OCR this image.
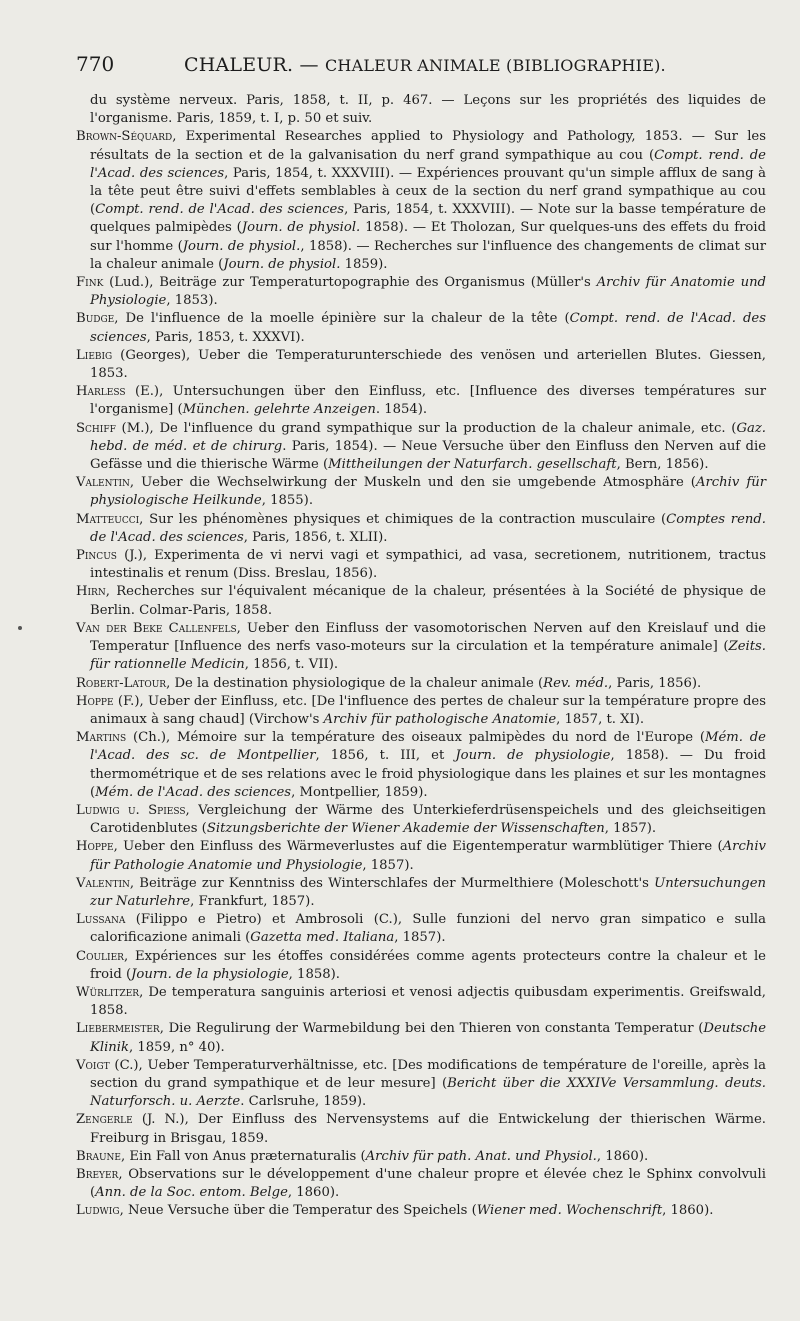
770	CHALEUR. — CHALEUR ANIMALE (BIBLIOGRAPHIE).

du système nerveux. Paris, 1858, t. II, p. 467. — Leçons sur les propriétés des liquides de l'organisme. Paris, 1859, t. I, p. 50 et suiv.

Brown-Séquard, Experimental Researches applied to Physiology and Pathology, 1853. — Sur les résultats de la section et de la galvanisation du nerf grand sympathique au cou (Compt. rend. de l'Acad. des sciences, Paris, 1854, t. XXXVIII). — Expériences prouvant qu'un simple afflux de sang à la tête peut être suivi d'effets semblables à ceux de la section du nerf grand sympathique au cou (Compt. rend. de l'Acad. des sciences, Paris, 1854, t. XXXVIII). — Note sur la basse température de quelques palmipèdes (Journ. de physiol. 1858). — Et Tholozan, Sur quelques-uns des effets du froid sur l'homme (Journ. de physiol., 1858). — Recherches sur l'influence des changements de climat sur la chaleur animale (Journ. de physiol. 1859).

Fink (Lud.), Beiträge zur Temperaturtopographie des Organismus (Müller's Archiv für Anatomie und Physiologie, 1853).

Budge, De l'influence de la moelle épinière sur la chaleur de la tête (Compt. rend. de l'Acad. des sciences, Paris, 1853, t. XXXVI).

Liebig (Georges), Ueber die Temperaturunterschiede des venösen und arteriellen Blutes. Giessen, 1853.

Harless (E.), Untersuchungen über den Einfluss, etc. [Influence des diverses températures sur l'organisme] (München. gelehrte Anzeigen. 1854).

Schiff (M.), De l'influence du grand sympathique sur la production de la chaleur animale, etc. (Gaz. hebd. de méd. et de chirurg. Paris, 1854). — Neue Versuche über den Einfluss den Nerven auf die Gefässe und die thierische Wärme (Mittheilungen der Naturfarch. gesellschaft, Bern, 1856).

Valentin, Ueber die Wechselwirkung der Muskeln und den sie umgebende Atmosphäre (Archiv für physiologische Heilkunde, 1855).

Matteucci, Sur les phénomènes physiques et chimiques de la contraction musculaire (Comptes rend. de l'Acad. des sciences, Paris, 1856, t. XLII).

Pincus (J.), Experimenta de vi nervi vagi et sympathici, ad vasa, secretionem, nutritionem, tractus intestinalis et renum (Diss. Breslau, 1856).

Hirn, Recherches sur l'équivalent mécanique de la chaleur, présentées à la Société de physique de Berlin. Colmar-Paris, 1858.

Van der Beke Callenfels, Ueber den Einfluss der vasomotorischen Nerven auf den Kreislauf und die Temperatur [Influence des nerfs vaso-moteurs sur la circulation et la température animale] (Zeits. für rationnelle Medicin, 1856, t. VII).

Robert-Latour, De la destination physiologique de la chaleur animale (Rev. méd., Paris, 1856).

Hoppe (F.), Ueber der Einfluss, etc. [De l'influence des pertes de chaleur sur la température propre des animaux à sang chaud] (Virchow's Archiv für pathologische Anatomie, 1857, t. XI).

Martins (Ch.), Mémoire sur la température des oiseaux palmipèdes du nord de l'Europe (Mém. de l'Acad. des sc. de Montpellier, 1856, t. III, et Journ. de physiologie, 1858). — Du froid thermométrique et de ses relations avec le froid physiologique dans les plaines et sur les montagnes (Mém. de l'Acad. des sciences, Montpellier, 1859).

Ludwig u. Spiess, Vergleichung der Wärme des Unterkieferdrüsenspeichels und des gleichseitigen Carotidenblutes (Sitzungsberichte der Wiener Akademie der Wissenschaften, 1857).

Hoppe, Ueber den Einfluss des Wärmeverlustes auf die Eigentemperatur warmblütiger Thiere (Archiv für Pathologie Anatomie und Physiologie, 1857).

Valentin, Beiträge zur Kenntniss des Winterschlafes der Murmelthiere (Moleschott's Untersuchungen zur Naturlehre, Frankfurt, 1857).

Lussana (Filippo e Pietro) et Ambrosoli (C.), Sulle funzioni del nervo gran simpatico e sulla calorificazione animali (Gazetta med. Italiana, 1857).

Coulier, Expériences sur les étoffes considérées comme agents protecteurs contre la chaleur et le froid (Journ. de la physiologie, 1858).

Würlitzer, De temperatura sanguinis arteriosi et venosi adjectis quibusdam experimentis. Greifswald, 1858.

Liebermeister, Die Regulirung der Warmebildung bei den Thieren von constanta Temperatur (Deutsche Klinik, 1859, n° 40).

Voigt (C.), Ueber Temperaturverhältnisse, etc. [Des modifications de température de l'oreille, après la section du grand sympathique et de leur mesure] (Bericht über die XXXIVe Versammlung. deuts. Naturforsch. u. Aerzte. Carlsruhe, 1859).

Zengerle (J. N.), Der Einfluss des Nervensystems auf die Entwickelung der thierischen Wärme. Freiburg in Brisgau, 1859.

Braune, Ein Fall von Anus præternaturalis (Archiv für path. Anat. und Physiol., 1860).

Breyer, Observations sur le développement d'une chaleur propre et élevée chez le Sphinx convolvuli (Ann. de la Soc. entom. Belge, 1860).

Ludwig, Neue Versuche über die Temperatur des Speichels (Wiener med. Wochenschrift, 1860).
